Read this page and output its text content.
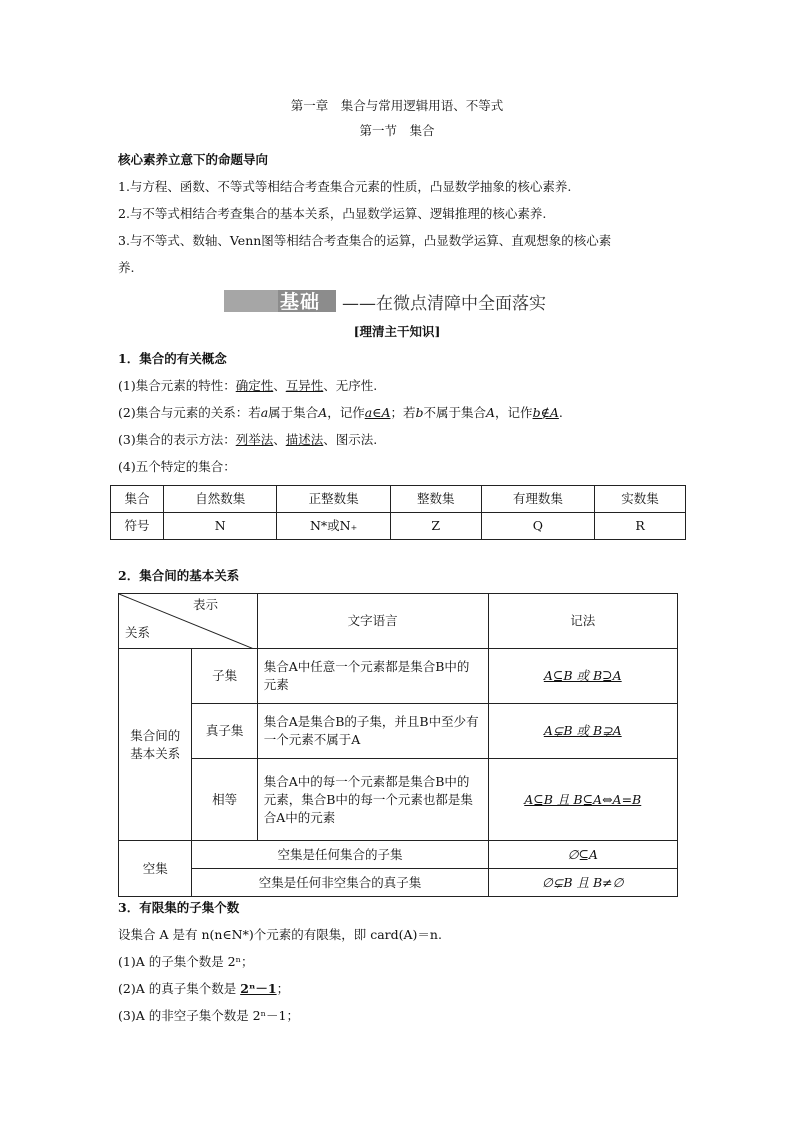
第一章　集合与常用逻辑用语、不等式
第一节　集合
核心素养立意下的命题导向
1.与方程、函数、不等式等相结合考查集合元素的性质，凸显数学抽象的核心素养.
2.与不等式相结合考查集合的基本关系，凸显数学运算、逻辑推理的核心素养.
3.与不等式、数轴、Venn图等相结合考查集合的运算，凸显数学运算、直观想象的核心素
养.
基础 ——在微点清障中全面落实
[理清主干知识]
1．集合的有关概念
(1)集合元素的特性：确定性、互异性、无序性.
(2)集合与元素的关系：若a属于集合A，记作a∈A；若b不属于集合A，记作b∉A.
(3)集合的表示方法：列举法、描述法、图示法.
(4)五个特定的集合：
集合	自然数集	正整数集	整数集	有理数集	实数集
符号	N	N*或N₊	Z	Q	R
2．集合间的基本关系
表示
关系		文字语言	记法
集合间的基本关系	子集	集合A中任意一个元素都是集合B中的元素	A⊆B 或 B⊇A
	真子集	集合A是集合B的子集，并且B中至少有一个元素不属于A	A⊊B 或 B⊋A
	相等	集合A中的每一个元素都是集合B中的元素，集合B中的每一个元素也都是集合A中的元素	A⊆B 且 B⊆A⇔A=B
空集	空集是任何集合的子集		∅⊆A
	空集是任何非空集合的真子集		∅⊊B 且 B≠∅
3．有限集的子集个数
设集合 A 是有 n(n∈N*)个元素的有限集，即 card(A)＝n.
(1)A 的子集个数是 2ⁿ；
(2)A 的真子集个数是 2ⁿ－1；
(3)A 的非空子集个数是 2ⁿ－1；
